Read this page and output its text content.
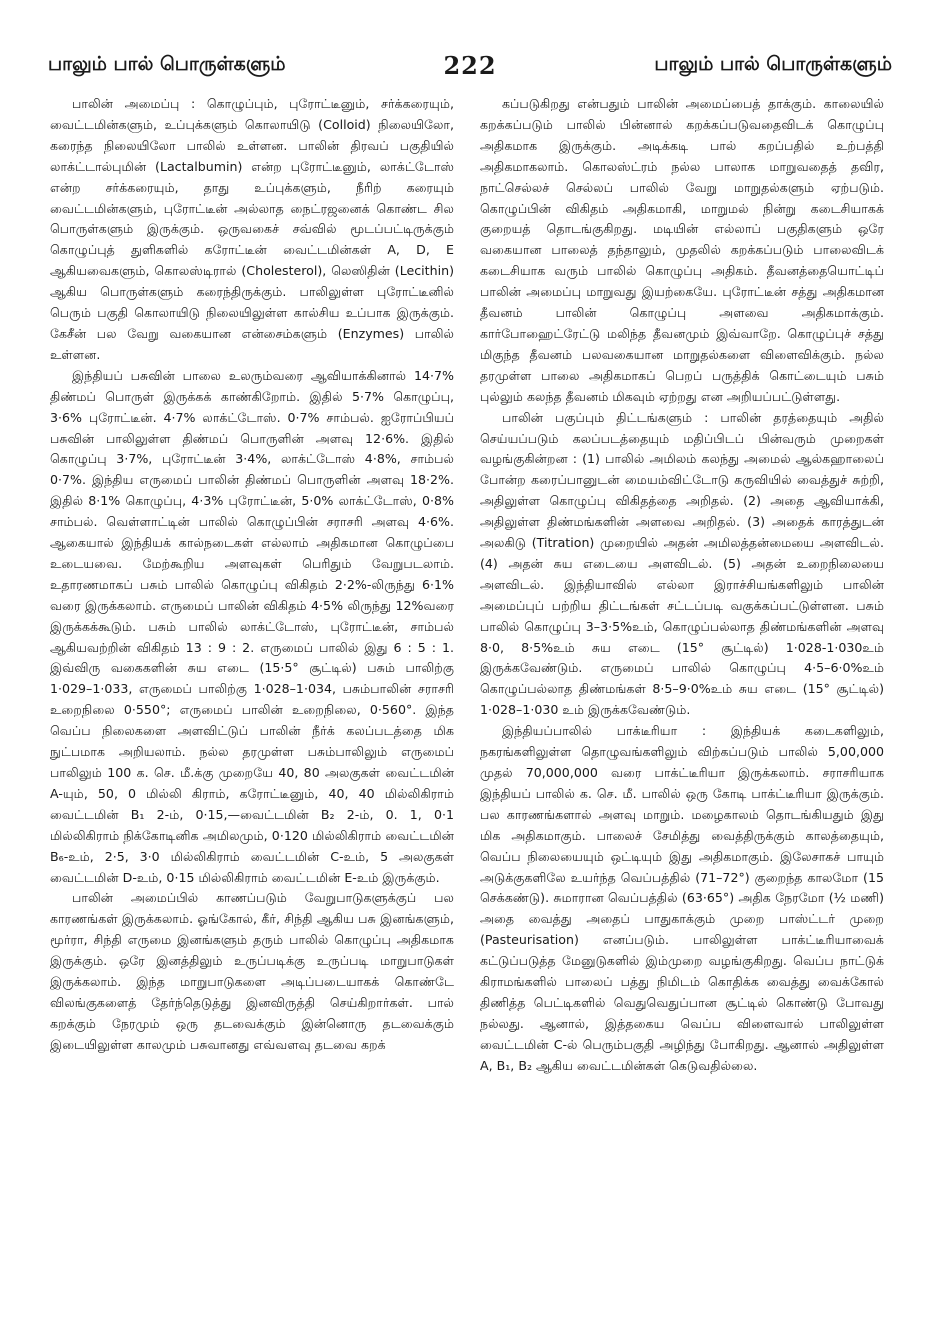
பாலும் பால் பொருள்களும்	222	பாலும் பால் பொருள்களும்

பாலின் அமைப்பு : கொழுப்பும், புரோட்டீனும், சர்க்கரையும், வைட்டமின்களும், உப்புக்களும் கொலாயிடு (Colloid) நிலையிலோ, கரைந்த நிலையிலோ பாலில் உள்ளன. பாலின் திரவப் பகுதியில் லாக்ட்டால்புமின் (Lactalbumin) என்ற புரோட்டீனும், லாக்ட்டோஸ் என்ற சர்க்கரையும், தாது உப்புக்களும், நீரிற் கரையும் வைட்டமின்களும், புரோட்டீன் அல்லாத நைட்ரஜனைக் கொண்ட சில பொருள்களும் இருக்கும். ஒருவகைச் சவ்வில் மூடப்பட்டிருக்கும் கொழுப்புத் துளிகளில் கரோட்டீன் வைட்டமின்கள் A, D, E ஆகியவைகளும், கொலஸ்டிரால் (Cholesterol), லெஸிதின் (Lecithin) ஆகிய பொருள்களும் கரைந்திருக்கும். பாலிலுள்ள புரோட்டீனில் பெரும் பகுதி கொலாயிடு நிலையிலுள்ள கால்சிய உப்பாக இருக்கும். கேசீன் பல வேறு வகையான என்சைம்களும் (Enzymes) பாலில் உள்ளன.

இந்தியப் பசுவின் பாலை உலரும்வரை ஆவியாக்கினால் 14·7% திண்மப் பொருள் இருக்கக் காண்கிறோம். இதில் 5·7% கொழுப்பு, 3·6% புரோட்டீன். 4·7% லாக்ட்டோஸ். 0·7% சாம்பல். ஐரோப்பியப் பசுவின் பாலிலுள்ள திண்மப் பொருளின் அளவு 12·6%. இதில் கொழுப்பு 3·7%, புரோட்டீன் 3·4%, லாக்ட்டோஸ் 4·8%, சாம்பல் 0·7%. இந்திய எருமைப் பாலின் திண்மப் பொருளின் அளவு 18·2%. இதில் 8·1% கொழுப்பு, 4·3% புரோட்டீன், 5·0% லாக்ட்டோஸ், 0·8% சாம்பல். வெள்ளாட்டின் பாலில் கொழுப்பின் சராசரி அளவு 4·6%. ஆகையால் இந்தியக் கால்நடைகள் எல்லாம் அதிகமான கொழுப்பை உடையவை. மேற்கூறிய அளவுகள் பெரிதும் வேறுபடலாம். உதாரணமாகப் பசும் பாலில் கொழுப்பு விகிதம் 2·2%-லிருந்து 6·1% வரை இருக்கலாம். எருமைப் பாலின் விகிதம் 4·5% லிருந்து 12%வரை இருக்கக்கூடும். பசும் பாலில் லாக்ட்டோஸ், புரோட்டீன், சாம்பல் ஆகியவற்றின் விகிதம் 13 : 9 : 2. எருமைப் பாலில் இது 6 : 5 : 1. இவ்விரு வகைகளின் சுய எடை (15·5° சூட்டில்) பசும் பாலிற்கு 1·029–1·033, எருமைப் பாலிற்கு 1·028–1·034, பசும்பாலின் சராசரி உறைநிலை 0·550°; எருமைப் பாலின் உறைநிலை, 0·560°. இந்த வெப்ப நிலைகளை அளவிட்டுப் பாலின் நீர்க் கலப்படத்தை மிக நுட்பமாக அறியலாம். நல்ல தரமுள்ள பசும்பாலிலும் எருமைப் பாலிலும் 100 க. செ. மீ.க்கு முறையே 40, 80 அலகுகள் வைட்டமின் A-யும், 50, 0 மில்லி கிராம், கரோட்டீனும், 40, 40 மில்லிகிராம் வைட்டமின் B₁ 2-ம், 0·15,—வைட்டமின் B₂ 2-ம், 0. 1, 0·1 மில்லிகிராம் நிக்கோடினிக அமிலமும், 0·120 மில்லிகிராம் வைட்டமின் B₆-உம், 2·5, 3·0 மில்லிகிராம் வைட்டமின் C-உம், 5 அலகுகள் வைட்டமின் D-உம், 0·15 மில்லிகிராம் வைட்டமின் E-உம் இருக்கும்.

பாலின் அமைப்பில் காணப்படும் வேறுபாடுகளுக்குப் பல காரணங்கள் இருக்கலாம். ஓங்கோல், கீர், சிந்தி ஆகிய பசு இனங்களும், மூர்ரா, சிந்தி எருமை இனங்களும் தரும் பாலில் கொழுப்பு அதிகமாக இருக்கும். ஒரே இனத்திலும் உருப்படிக்கு உருப்படி மாறுபாடுகள் இருக்கலாம். இந்த மாறுபாடுகளை அடிப்படையாகக் கொண்டே விலங்குகளைத் தேர்ந்தெடுத்து இனவிருத்தி செய்கிறார்கள். பால் கறக்கும் நேரமும் ஒரு தடவைக்கும் இன்னொரு தடவைக்கும் இடையிலுள்ள காலமும் பசுவானது எவ்வளவு தடவை கறக்

கப்படுகிறது என்பதும் பாலின் அமைப்பைத் தாக்கும். காலையில் கறக்கப்படும் பாலில் பின்னால் கறக்கப்படுவதைவிடக் கொழுப்பு அதிகமாக இருக்கும். அடிக்கடி பால் கறப்பதில் உற்பத்தி அதிகமாகலாம். கொலஸ்ட்ரம் நல்ல பாலாக மாறுவதைத் தவிர, நாட்செல்லச் செல்லப் பாலில் வேறு மாறுதல்களும் ஏற்படும். கொழுப்பின் விகிதம் அதிகமாகி, மாறுமல் நின்று கடைசியாகக் குறையத் தொடங்குகிறது. மடியின் எல்லாப் பகுதிகளும் ஒரே வகையான பாலைத் தந்தாலும், முதலில் கறக்கப்படும் பாலைவிடக் கடைசியாக வரும் பாலில் கொழுப்பு அதிகம். தீவனத்தையொட்டிப் பாலின் அமைப்பு மாறுவது இயற்கையே. புரோட்டீன் சத்து அதிகமான தீவனம் பாலின் கொழுப்பு அளவை அதிகமாக்கும். கார்போஹைட்ரேட்டு மலிந்த தீவனமும் இவ்வாறே. கொழுப்புச் சத்து மிகுந்த தீவனம் பலவகையான மாறுதல்களை விளைவிக்கும். நல்ல தரமுள்ள பாலை அதிகமாகப் பெறப் பருத்திக் கொட்டையும் பசும் புல்லும் கலந்த தீவனம் மிகவும் ஏற்றது என அறியப்பட்டுள்ளது.

பாலின் பகுப்பும் திட்டங்களும் : பாலின் தரத்தையும் அதில் செய்யப்படும் கலப்படத்தையும் மதிப்பிடப் பின்வரும் முறைகள் வழங்குகின்றன : (1) பாலில் அமிலம் கலந்து அமைல் ஆல்கஹாலைப் போன்ற கரைப்பானுடன் மையம்விட்டோடு கருவியில் வைத்துச் சுற்றி, அதிலுள்ள கொழுப்பு விகிதத்தை அறிதல். (2) அதை ஆவியாக்கி, அதிலுள்ள திண்மங்களின் அளவை அறிதல். (3) அதைக் காரத்துடன் அலகிடு (Titration) முறையில் அதன் அமிலத்தன்மையை அளவிடல். (4) அதன் சுய எடையை அளவிடல். (5) அதன் உறைநிலையை அளவிடல். இந்தியாவில் எல்லா இராச்சியங்களிலும் பாலின் அமைப்புப் பற்றிய திட்டங்கள் சட்டப்படி வகுக்கப்பட்டுள்ளன. பசும் பாலில் கொழுப்பு 3–3·5%உம், கொழுப்பல்லாத திண்மங்களின் அளவு 8·0, 8·5%உம் சுய எடை (15° சூட்டில்) 1·028-1·030உம் இருக்கவேண்டும். எருமைப் பாலில் கொழுப்பு 4·5–6·0%உம் கொழுப்பல்லாத திண்மங்கள் 8·5–9·0%உம் சுய எடை (15° சூட்டில்) 1·028–1·030 உம் இருக்கவேண்டும்.

இந்தியப்பாலில் பாக்டீரியா : இந்தியக் கடைகளிலும், நகரங்களிலுள்ள தொழுவங்களிலும் விற்கப்படும் பாலில் 5,00,000 முதல் 70,000,000 வரை பாக்ட்டீரியா இருக்கலாம். சராசரியாக இந்தியப் பாலில் க. செ. மீ. பாலில் ஒரு கோடி பாக்ட்டீரியா இருக்கும். பல காரணங்களால் அளவு மாறும். மழைகாலம் தொடங்கியதும் இது மிக அதிகமாகும். பாலைச் சேமித்து வைத்திருக்கும் காலத்தையும், வெப்ப நிலையையும் ஒட்டியும் இது அதிகமாகும். இலேசாகச் பாயும் அடுக்குகளிலே உயர்ந்த வெப்பத்தில் (71–72°) குறைந்த காலமோ (15 செக்கண்டு). சுமாரான வெப்பத்தில் (63·65°) அதிக நேரமோ (½ மணி) அதை வைத்து அதைப் பாதுகாக்கும் முறை பாஸ்ட்டர் முறை (Pasteurisation) எனப்படும். பாலிலுள்ள பாக்ட்டீரியாவைக் கட்டுப்படுத்த மேனுடுகளில் இம்முறை வழங்குகிறது. வெப்ப நாட்டுக் கிராமங்களில் பாலைப் பத்து நிமிடம் கொதிக்க வைத்து வைக்கோல் திணித்த பெட்டிகளில் வெதுவெதுப்பான சூட்டில் கொண்டு போவது நல்லது. ஆனால், இத்தகைய வெப்ப விளைவால் பாலிலுள்ள வைட்டமின் C-ல் பெரும்பகுதி அழிந்து போகிறது. ஆனால் அதிலுள்ள A, B₁, B₂ ஆகிய வைட்டமின்கள் கெடுவதில்லை.
